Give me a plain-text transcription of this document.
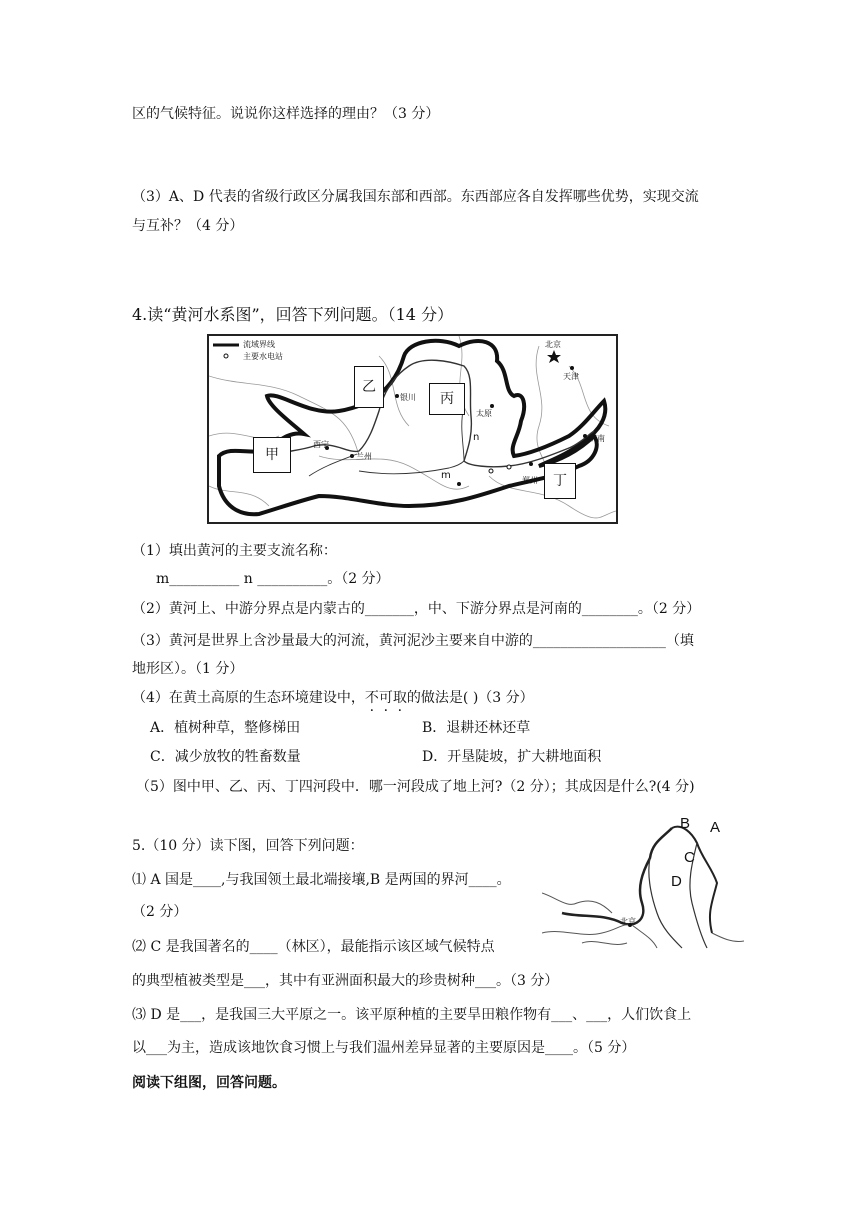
区的气候特征。说说你这样选择的理由？（3 分）
（3）A、D 代表的省级行政区分属我国东部和西部。东西部应各自发挥哪些优势，实现交流
与互补？（4 分）
4.读“黄河水系图”，回答下列问题。（14 分）
流域界线
主要水电站
北京
天津
银川
太原
西宁
兰州
济南
郑州
m
n
甲
乙
丙
丁
（1）填出黄河的主要支流名称：
m__________ n __________。（2 分）
（2）黄河上、中游分界点是内蒙古的_______，中、下游分界点是河南的________。（2 分）
（3）黄河是世界上含沙量最大的河流，黄河泥沙主要来自中游的___________________（填
地形区）。（1 分）
（4）在黄土高原的生态环境建设中，不可取的做法是( )（3 分）
A．植树种草，整修梯田	B．退耕还林还草
C．减少放牧的牲畜数量	D．开垦陡坡，扩大耕地面积
（5）图中甲、乙、丙、丁四河段中．哪一河段成了地上河?（2 分）；其成因是什么?(4 分)
5.（10 分）读下图，回答下列问题：
⑴ A 国是____,与我国领土最北端接壤,B 是两国的界河____。
（2 分）
⑵ C 是我国著名的____（林区），最能指示该区域气候特点
的典型植被类型是___，其中有亚洲面积最大的珍贵树种___。（3 分）
⑶ D 是___，是我国三大平原之一。该平原种植的主要旱田粮作物有___、___，人们饮食上
以___为主，造成该地饮食习惯上与我们温州差异显著的主要原因是____。（5 分）
阅读下组图，回答问题。
B A
C
D
北京
